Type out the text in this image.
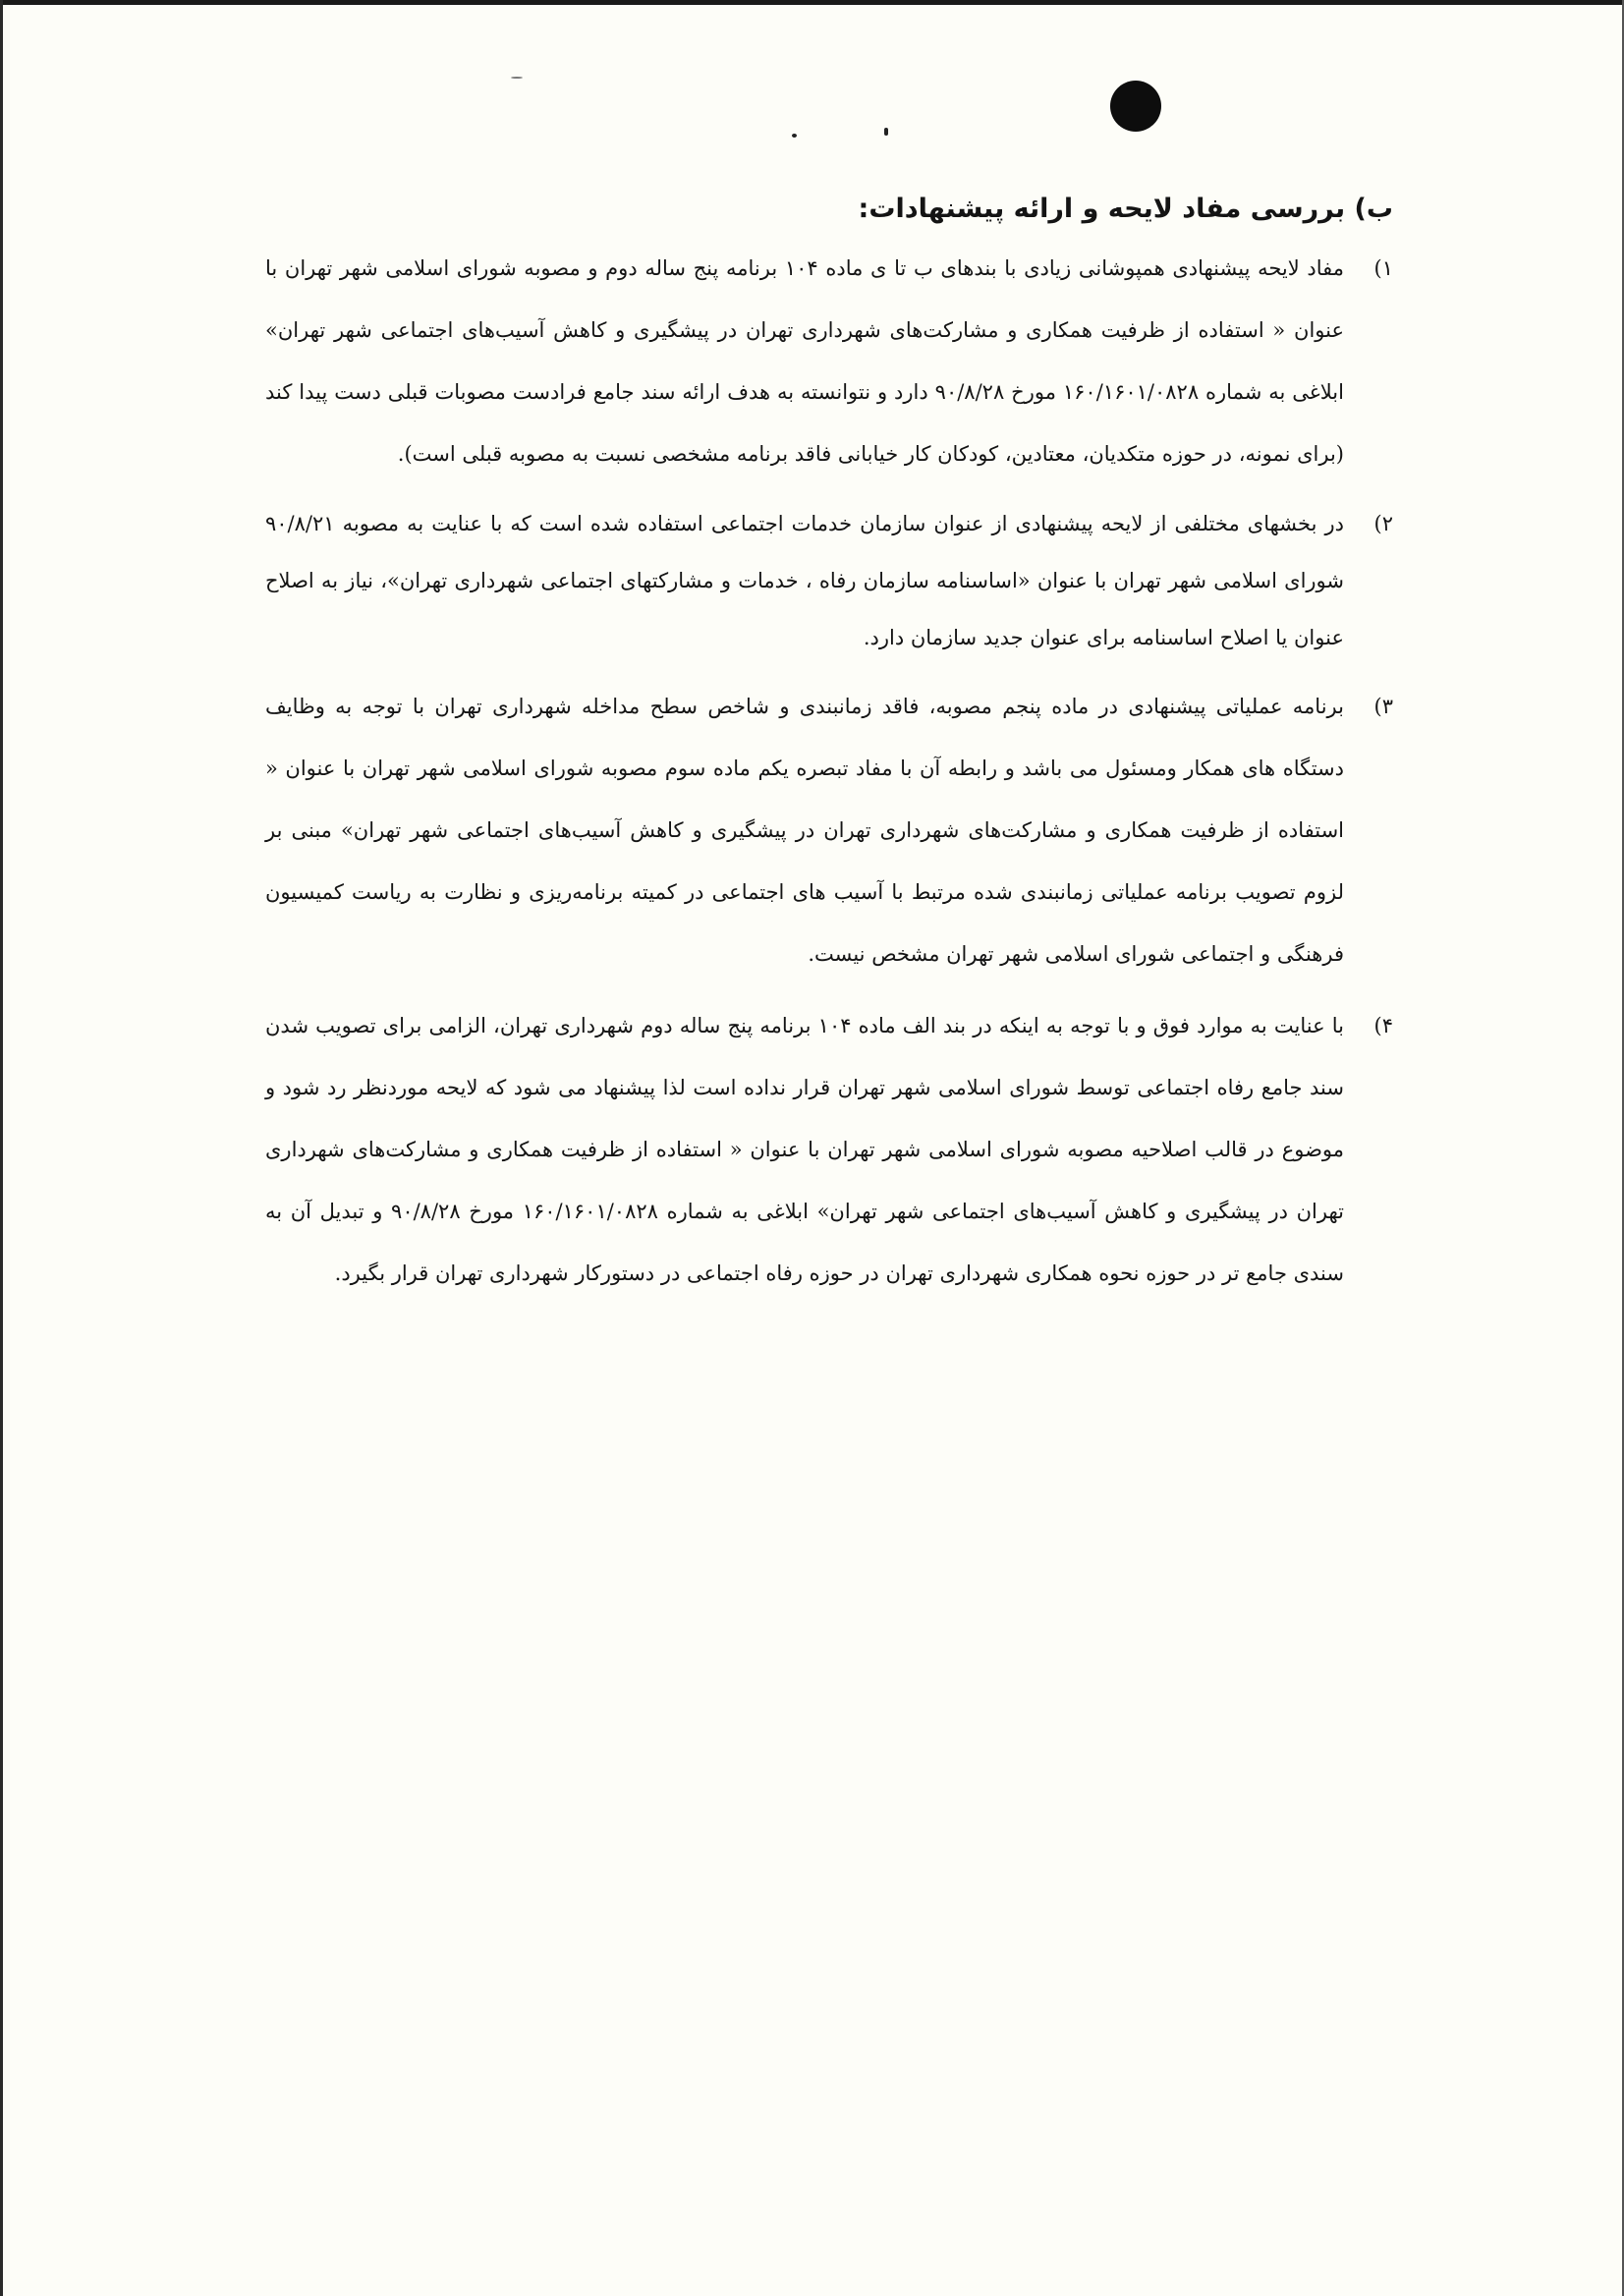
ب) بررسی مفاد لایحه و ارائه پیشنهادات:
۱)

مفاد لایحه پیشنهادی همپوشانی زیادی با بندهای ب تا ی ماده ۱۰۴ برنامه پنج ساله دوم و مصوبه شورای اسلامی شهر تهران با عنوان « استفاده از ظرفیت همکاری و مشارکت‌های شهرداری تهران در پیشگیری و کاهش آسیب‌های اجتماعی شهر تهران» ابلاغی به شماره ۱۶۰/۱۶۰۱/۰۸۲۸ مورخ ۹۰/۸/۲۸ دارد و نتوانسته به هدف ارائه سند جامع فرادست مصوبات قبلی دست پیدا کند (برای نمونه، در حوزه متکدیان، معتادین، کودکان کار خیابانی فاقد برنامه مشخصی نسبت به مصوبه قبلی است).

۲)

در بخشهای مختلفی از لایحه پیشنهادی از عنوان سازمان خدمات اجتماعی استفاده شده است که با عنایت به مصوبه ۹۰/۸/۲۱ شورای اسلامی شهر تهران با عنوان «اساسنامه سازمان رفاه ، خدمات و مشارکتهای اجتماعی شهرداری تهران»، نیاز به اصلاح عنوان یا اصلاح اساسنامه برای عنوان جدید سازمان دارد.

۳)

برنامه عملیاتی پیشنهادی در ماده پنجم مصوبه، فاقد زمانبندی و شاخص سطح مداخله شهرداری تهران با توجه به وظایف دستگاه های همکار ومسئول می باشد و رابطه آن با مفاد تبصره یکم ماده سوم مصوبه شورای اسلامی شهر تهران با عنوان « استفاده از ظرفیت همکاری و مشارکت‌های شهرداری تهران در پیشگیری و کاهش آسیب‌های اجتماعی شهر تهران» مبنی بر لزوم تصویب برنامه عملیاتی زمانبندی شده مرتبط با آسیب های اجتماعی در کمیته برنامه‌ریزی و نظارت به ریاست کمیسیون فرهنگی و اجتماعی شورای اسلامی شهر تهران مشخص نیست.

۴)

با عنایت به موارد فوق و با توجه به اینکه در بند الف ماده ۱۰۴ برنامه پنج ساله دوم شهرداری تهران، الزامی برای تصویب شدن سند جامع رفاه اجتماعی توسط شورای اسلامی شهر تهران قرار نداده است لذا پیشنهاد می شود که لایحه موردنظر رد شود و موضوع در قالب اصلاحیه مصوبه شورای اسلامی شهر تهران با عنوان « استفاده از ظرفیت همکاری و مشارکت‌های شهرداری تهران در پیشگیری و کاهش آسیب‌های اجتماعی شهر تهران» ابلاغی به شماره ۱۶۰/۱۶۰۱/۰۸۲۸ مورخ ۹۰/۸/۲۸ و تبدیل آن به سندی جامع تر در حوزه نحوه همکاری شهرداری تهران در حوزه رفاه اجتماعی در دستورکار شهرداری تهران قرار بگیرد.
